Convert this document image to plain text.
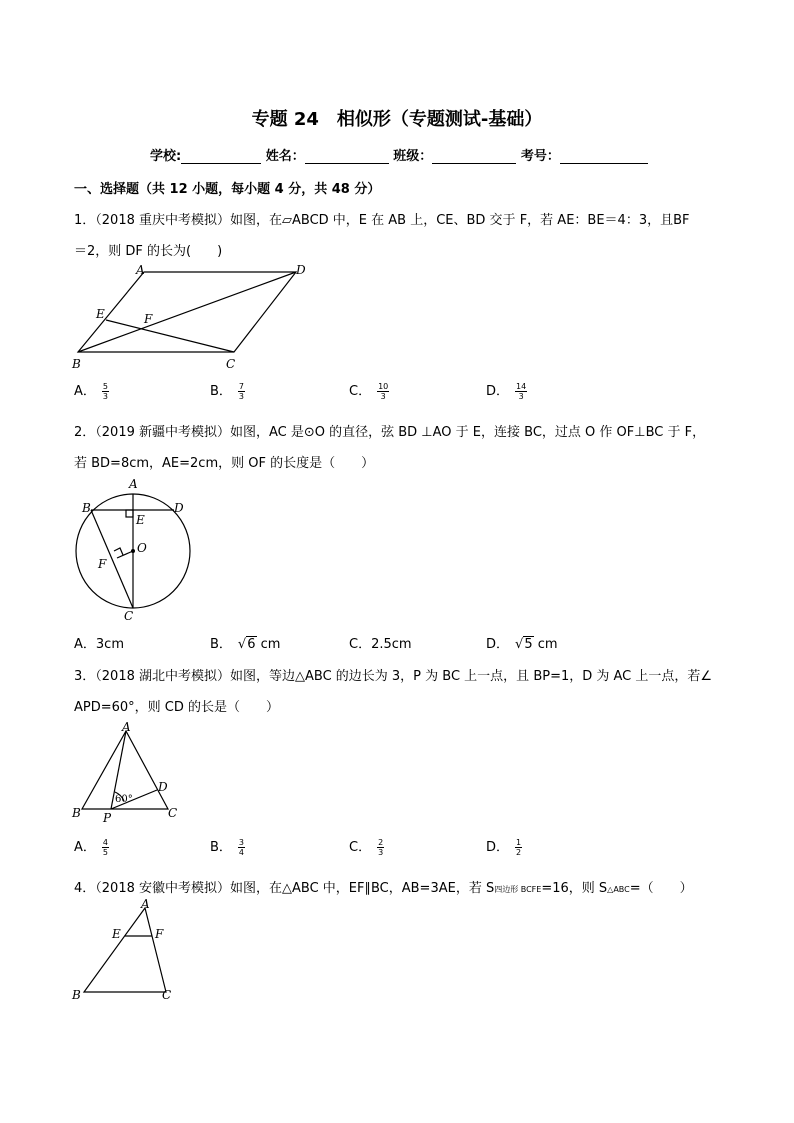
专题 24　相似形（专题测试-基础）
学校:	姓名：	班级：	考号：
一、选择题（共 12 小题，每小题 4 分，共 48 分）
1．（2018 重庆中考模拟）如图，在▱ABCD 中，E 在 AB 上，CE、BD 交于 F，若 AE：BE＝4：3，且BF
＝2，则 DF 的长为(　　)
A	D
E	F
B	C
A． $\frac{5}{3}$	B． $\frac{7}{3}$	C． $\frac{10}{3}$	D． $\frac{14}{3}$
2．（2019 新疆中考模拟）如图，AC 是⊙O 的直径，弦 BD ⊥AO 于 E，连接 BC，过点 O 作 OF⊥BC 于 F，
若 BD=8cm，AE=2cm，则 OF 的长度是（　　）
A
B	D
E
O
F
C
A．3cm	B． √6 cm	C．2.5cm	D． √5 cm
3．（2018 湖北中考模拟）如图，等边△ABC 的边长为 3，P 为 BC 上一点，且 BP=1，D 为 AC 上一点，若∠
APD=60°，则 CD 的长是（　　）
A
D
60°
B P	C
A． $\frac{4}{5}$	B． $\frac{3}{4}$	C． $\frac{2}{3}$	D． $\frac{1}{2}$
4．（2018 安徽中考模拟）如图，在△ABC 中，EF∥BC，AB=3AE，若 S四边形 BCFE=16，则 S△ABC=（　　）
A
E	F
B	C
